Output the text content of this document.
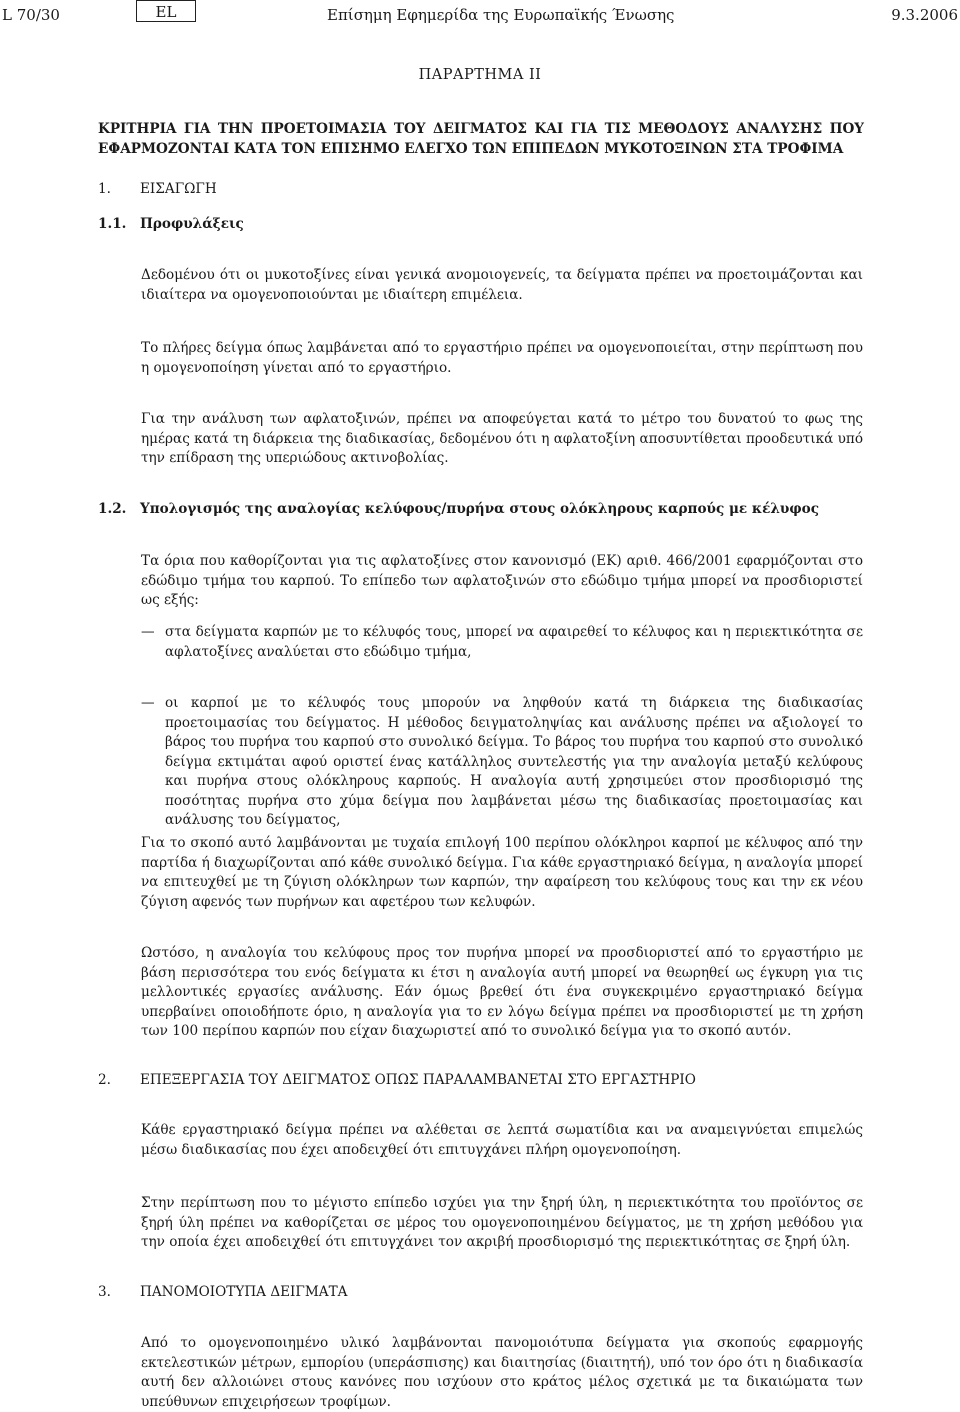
L 70/30	EL	Επίσημη Εφημερίδα της Ευρωπαϊκής Ένωσης	9.3.2006
ΠΑΡΑΡΤΗΜΑ II
ΚΡΙΤΗΡΙΑ ΓΙΑ ΤΗΝ ΠΡΟΕΤΟΙΜΑΣΙΑ ΤΟΥ ΔΕΙΓΜΑΤΟΣ ΚΑΙ ΓΙΑ ΤΙΣ ΜΕΘΟΔΟΥΣ ΑΝΑΛΥΣΗΣ ΠΟΥ
ΕΦΑΡΜΟΖΟΝΤΑΙ ΚΑΤΑ ΤΟΝ ΕΠΙΣΗΜΟ ΕΛΕΓΧΟ ΤΩΝ ΕΠΙΠΕΔΩΝ ΜΥΚΟΤΟΞΙΝΩΝ ΣΤΑ ΤΡΟΦΙΜΑ
1. ΕΙΣΑΓΩΓΗ
1.1. Προφυλάξεις
Δεδομένου ότι οι μυκοτοξίνες είναι γενικά ανομοιογενείς, τα δείγματα πρέπει να προετοιμάζονται και ιδιαίτερα να ομογενοποιούνται με ιδιαίτερη επιμέλεια.
Το πλήρες δείγμα όπως λαμβάνεται από το εργαστήριο πρέπει να ομογενοποιείται, στην περίπτωση που η ομογενοποίηση γίνεται από το εργαστήριο.
Για την ανάλυση των αφλατοξινών, πρέπει να αποφεύγεται κατά το μέτρο του δυνατού το φως της ημέρας κατά τη διάρκεια της διαδικασίας, δεδομένου ότι η αφλατοξίνη αποσυντίθεται προοδευτικά υπό την επίδραση της υπεριώδους ακτινοβολίας.
1.2. Υπολογισμός της αναλογίας κελύφους/πυρήνα στους ολόκληρους καρπούς με κέλυφος
Τα όρια που καθορίζονται για τις αφλατοξίνες στον κανονισμό (ΕΚ) αριθ. 466/2001 εφαρμόζονται στο εδώδιμο τμήμα του καρπού. Το επίπεδο των αφλατοξινών στο εδώδιμο τμήμα μπορεί να προσδιοριστεί ως εξής:
— στα δείγματα καρπών με το κέλυφός τους, μπορεί να αφαιρεθεί το κέλυφος και η περιεκτικότητα σε αφλατοξίνες αναλύεται στο εδώδιμο τμήμα,
— οι καρποί με το κέλυφός τους μπορούν να ληφθούν κατά τη διάρκεια της διαδικασίας προετοιμασίας του δείγματος. Η μέθοδος δειγματοληψίας και ανάλυσης πρέπει να αξιολογεί το βάρος του πυρήνα του καρπού στο συνολικό δείγμα. Το βάρος του πυρήνα του καρπού στο συνολικό δείγμα εκτιμάται αφού οριστεί ένας κατάλληλος συντελεστής για την αναλογία μεταξύ κελύφους και πυρήνα στους ολόκληρους καρπούς. Η αναλογία αυτή χρησιμεύει στον προσδιορισμό της ποσότητας πυρήνα στο χύμα δείγμα που λαμβάνεται μέσω της διαδικασίας προετοιμασίας και ανάλυσης του δείγματος,
Για το σκοπό αυτό λαμβάνονται με τυχαία επιλογή 100 περίπου ολόκληροι καρποί με κέλυφος από την παρτίδα ή διαχωρίζονται από κάθε συνολικό δείγμα. Για κάθε εργαστηριακό δείγμα, η αναλογία μπορεί να επιτευχθεί με τη ζύγιση ολόκληρων των καρπών, την αφαίρεση του κελύφους τους και την εκ νέου ζύγιση αφενός των πυρήνων και αφετέρου των κελυφών.
Ωστόσο, η αναλογία του κελύφους προς τον πυρήνα μπορεί να προσδιοριστεί από το εργαστήριο με βάση περισσότερα του ενός δείγματα κι έτσι η αναλογία αυτή μπορεί να θεωρηθεί ως έγκυρη για τις μελλοντικές εργασίες ανάλυσης. Εάν όμως βρεθεί ότι ένα συγκεκριμένο εργαστηριακό δείγμα υπερβαίνει οποιοδήποτε όριο, η αναλογία για το εν λόγω δείγμα πρέπει να προσδιοριστεί με τη χρήση των 100 περίπου καρπών που είχαν διαχωριστεί από το συνολικό δείγμα για το σκοπό αυτόν.
2. ΕΠΕΞΕΡΓΑΣΙΑ ΤΟΥ ΔΕΙΓΜΑΤΟΣ ΟΠΩΣ ΠΑΡΑΛΑΜΒΑΝΕΤΑΙ ΣΤΟ ΕΡΓΑΣΤΗΡΙΟ
Κάθε εργαστηριακό δείγμα πρέπει να αλέθεται σε λεπτά σωματίδια και να αναμειγνύεται επιμελώς μέσω διαδικασίας που έχει αποδειχθεί ότι επιτυγχάνει πλήρη ομογενοποίηση.
Στην περίπτωση που το μέγιστο επίπεδο ισχύει για την ξηρή ύλη, η περιεκτικότητα του προϊόντος σε ξηρή ύλη πρέπει να καθορίζεται σε μέρος του ομογενοποιημένου δείγματος, με τη χρήση μεθόδου για την οποία έχει αποδειχθεί ότι επιτυγχάνει τον ακριβή προσδιορισμό της περιεκτικότητας σε ξηρή ύλη.
3. ΠΑΝΟΜΟΙΟΤΥΠΑ ΔΕΙΓΜΑΤΑ
Από το ομογενοποιημένο υλικό λαμβάνονται πανομοιότυπα δείγματα για σκοπούς εφαρμογής εκτελεστικών μέτρων, εμπορίου (υπεράσπισης) και διαιτησίας (διαιτητή), υπό τον όρο ότι η διαδικασία αυτή δεν αλλοιώνει στους κανόνες που ισχύουν στο κράτος μέλος σχετικά με τα δικαιώματα των υπεύθυνων επιχειρήσεων τροφίμων.
